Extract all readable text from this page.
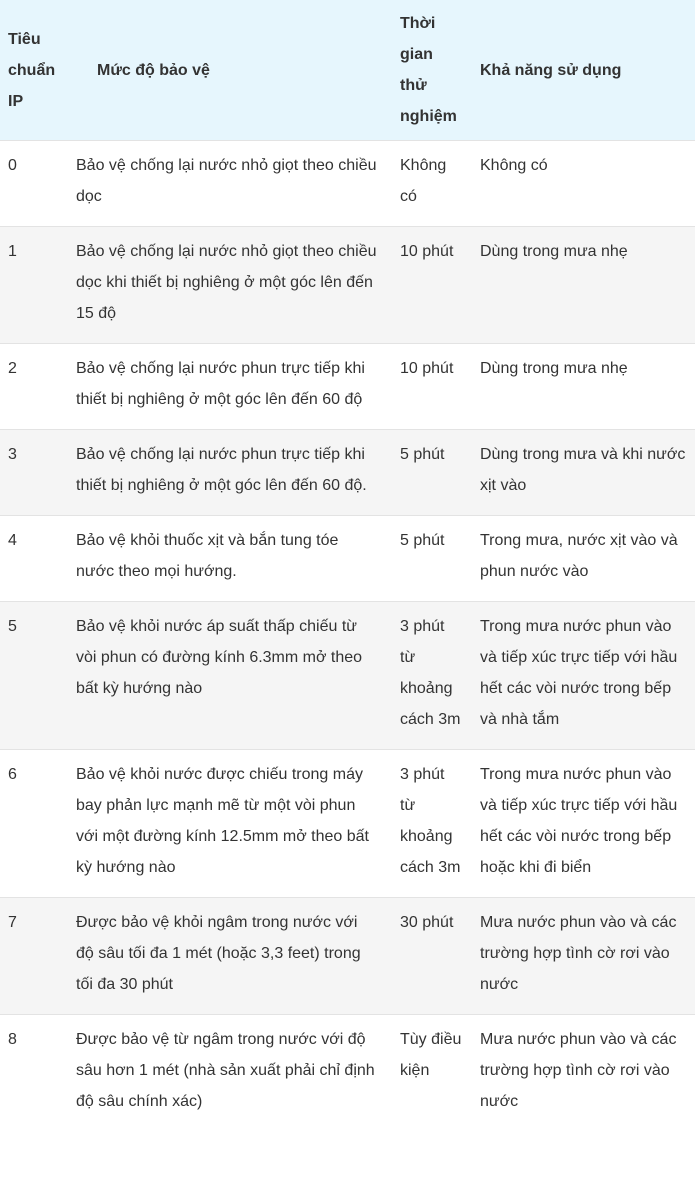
Tiêu chuẩn IP	Mức độ bảo vệ	Thời gian thử nghiệm	Khả năng sử dụng
0	Bảo vệ chống lại nước nhỏ giọt theo chiều dọc	Không có	Không có
1	Bảo vệ chống lại nước nhỏ giọt theo chiều dọc khi thiết bị nghiêng ở một góc lên đến 15 độ	10 phút	Dùng trong mưa nhẹ
2	Bảo vệ chống lại nước phun trực tiếp khi thiết bị nghiêng ở một góc lên đến 60 độ	10 phút	Dùng trong mưa nhẹ
3	Bảo vệ chống lại nước phun trực tiếp khi thiết bị nghiêng ở một góc lên đến 60 độ.	5 phút	Dùng trong mưa và khi nước xịt vào
4	Bảo vệ khỏi thuốc xịt và bắn tung tóe nước theo mọi hướng.	5 phút	Trong mưa, nước xịt vào và phun nước vào
5	Bảo vệ khỏi nước áp suất thấp chiếu từ vòi phun có đường kính 6.3mm mở theo bất kỳ hướng nào	3 phút từ khoảng cách 3m	Trong mưa nước phun vào và tiếp xúc trực tiếp với hầu hết các vòi nước trong bếp và nhà tắm
6	Bảo vệ khỏi nước được chiếu trong máy bay phản lực mạnh mẽ từ một vòi phun với một đường kính 12.5mm mở theo bất kỳ hướng nào	3 phút từ khoảng cách 3m	Trong mưa nước phun vào và tiếp xúc trực tiếp với hầu hết các vòi nước trong bếp hoặc khi đi biển
7	Được bảo vệ khỏi ngâm trong nước với độ sâu tối đa 1 mét (hoặc 3,3 feet) trong tối đa 30 phút	30 phút	Mưa nước phun vào và các trường hợp tình cờ rơi vào nước
8	Được bảo vệ từ ngâm trong nước với độ sâu hơn 1 mét (nhà sản xuất phải chỉ định độ sâu chính xác)	Tùy điều kiện	Mưa nước phun vào và các trường hợp tình cờ rơi vào nước
